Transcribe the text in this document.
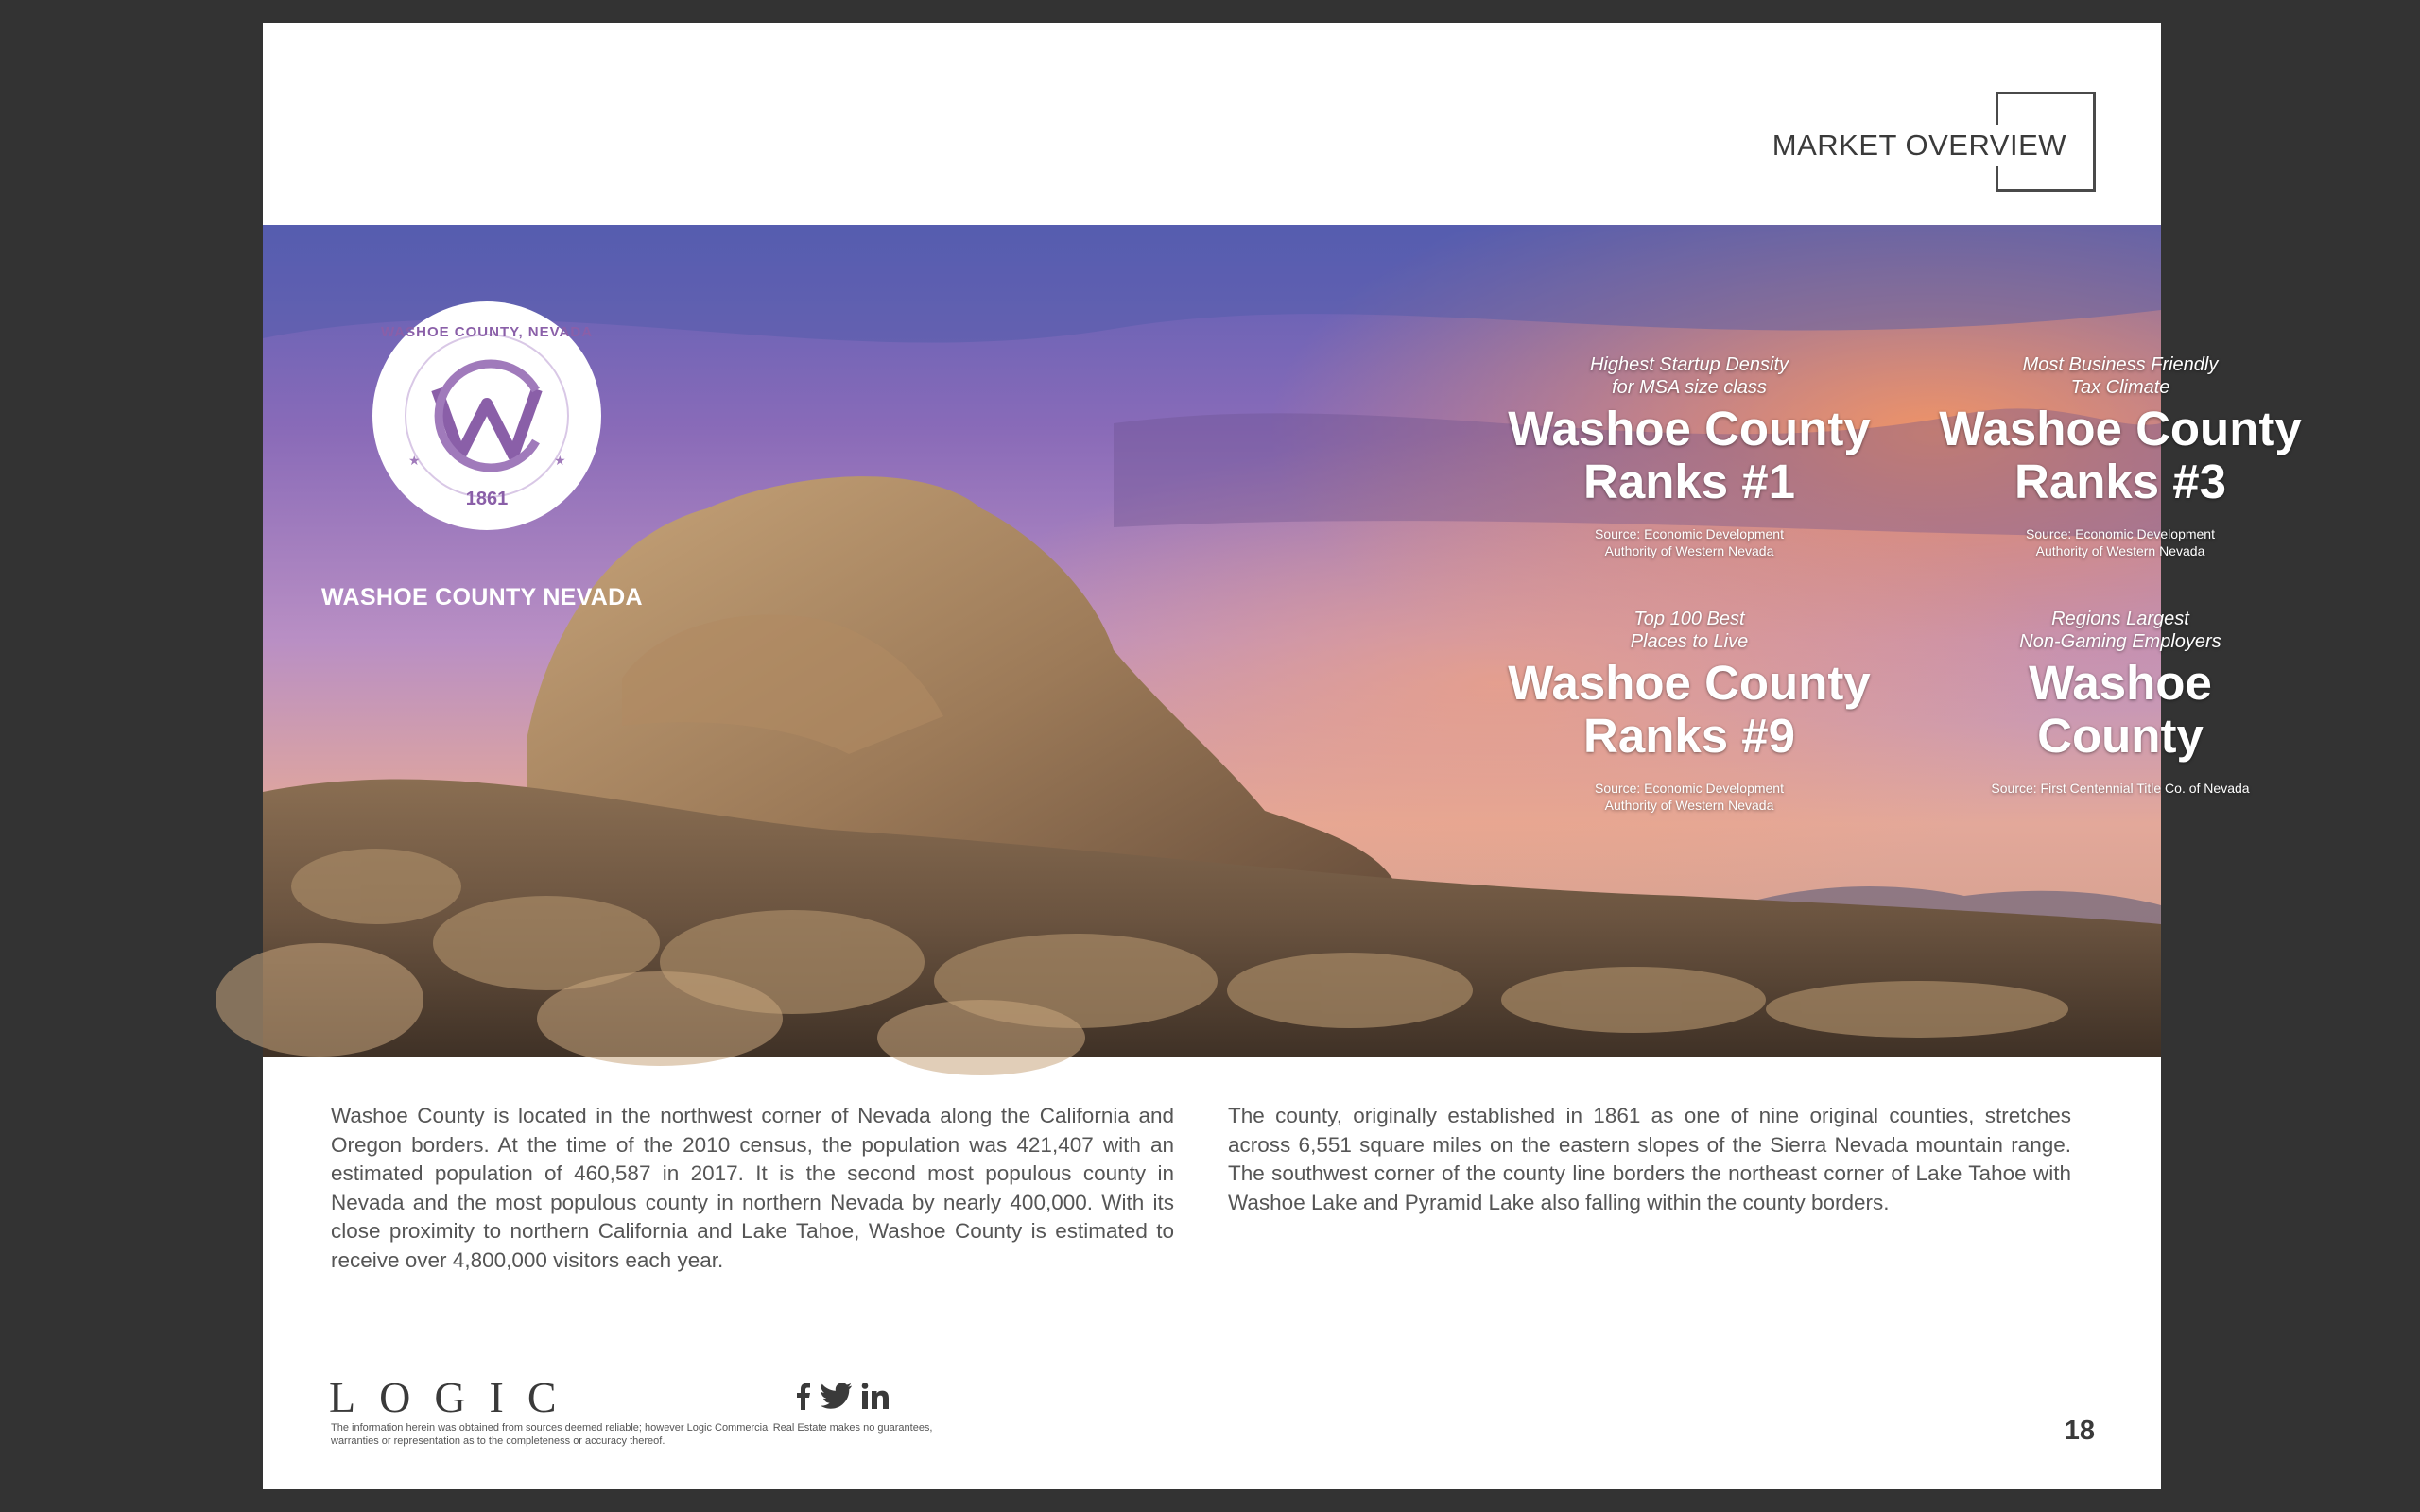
MARKET OVERVIEW
★	★
WASHOE COUNTY, NEVADA
1861
WASHOE COUNTY NEVADA
Highest Startup Density
for MSA size class
Washoe County
Ranks #1
Source: Economic Development
Authority of Western Nevada
Most Business Friendly
Tax Climate
Washoe County
Ranks #3
Source: Economic Development
Authority of Western Nevada
Top 100 Best
Places to Live
Washoe County
Ranks #9
Source: Economic Development
Authority of Western Nevada
Regions Largest
Non-Gaming Employers
Washoe
County
Source: First Centennial Title Co. of Nevada

Washoe County is located in the northwest corner of Nevada along the California and Oregon borders. At the time of the 2010 census, the population was 421,407 with an estimated population of 460,587 in 2017. It is the second most populous county in Nevada and the most populous county in northern Nevada by nearly 400,000. With its close proximity to northern California and Lake Tahoe, Washoe County is estimated to receive over 4,800,000 visitors each year.

The county, originally established in 1861 as one of nine original counties, stretches across 6,551 square miles on the eastern slopes of the Sierra Nevada mountain range. The southwest corner of the county line borders the northeast corner of Lake Tahoe with Washoe Lake and Pyramid Lake also falling within the county borders.

LOGIC
The information herein was obtained from sources deemed reliable; however Logic Commercial Real Estate makes no guarantees, warranties or representation as to the completeness or accuracy thereof.	18
